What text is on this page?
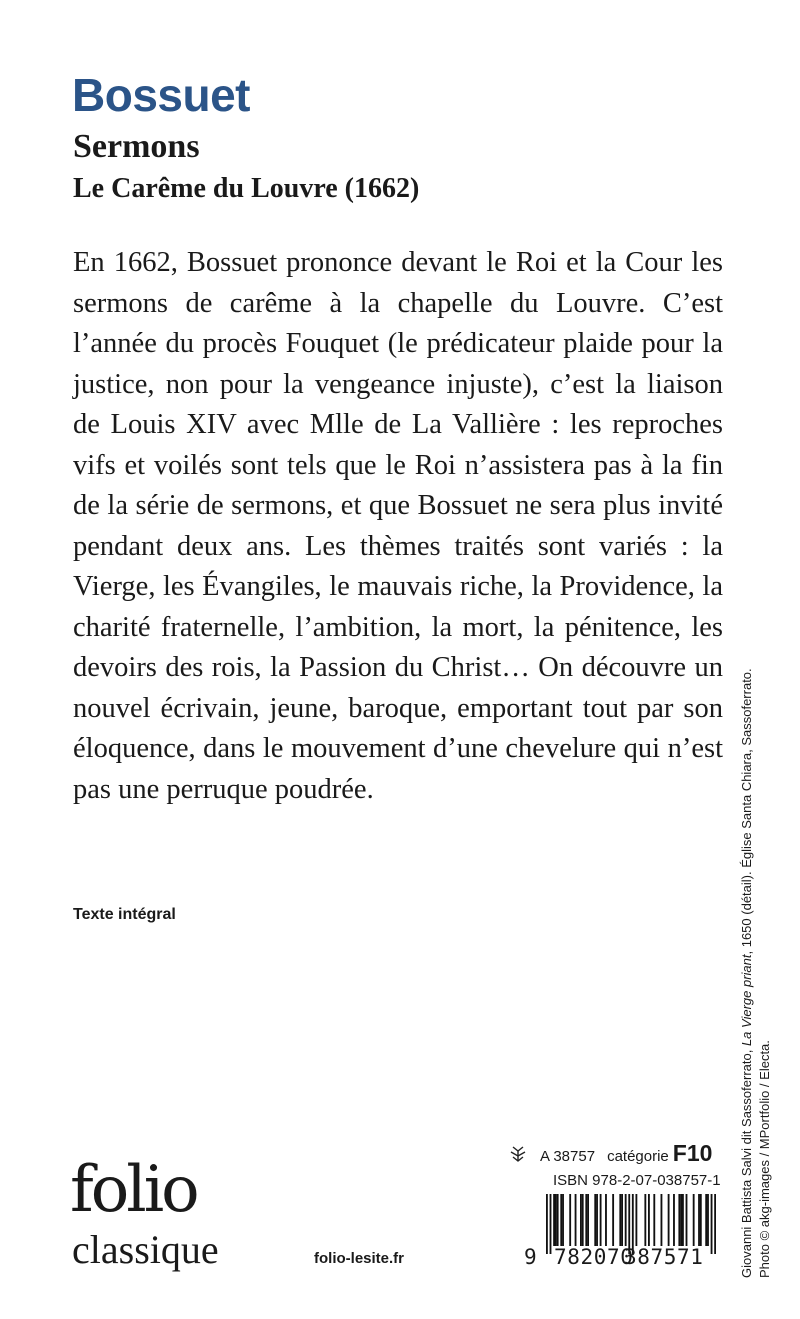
Bossuet
Sermons
Le Carême du Louvre (1662)

En 1662, Bossuet prononce devant le Roi et la Cour les sermons de carême à la chapelle du Louvre. C’est l’année du procès Fouquet (le prédicateur plaide pour la justice, non pour la vengeance injuste), c’est la liaison de Louis XIV avec Mlle de La Vallière : les reproches vifs et voilés sont tels que le Roi n’assistera pas à la fin de la série de sermons, et que Bossuet ne sera plus invité pendant deux ans. Les thèmes traités sont variés : la Vierge, les Évangiles, le mauvais riche, la Providence, la charité fraternelle, l’ambition, la mort, la pénitence, les devoirs des rois, la Passion du Christ… On découvre un nouvel écrivain, jeune, baroque, emportant tout par son éloquence, dans le mouvement d’une chevelure qui n’est pas une perruque poudrée.

Texte intégral
Giovanni Battista Salvi dit Sassoferrato, La Vierge priant, 1650 (détail). Église Santa Chiara, Sassoferrato.
Photo © akg-images / MPortfolio / Electa.
folio
classique	folio-lesite.fr
A 38757 catégorie F10
ISBN 978-2-07-038757-1
9 782070
387571
